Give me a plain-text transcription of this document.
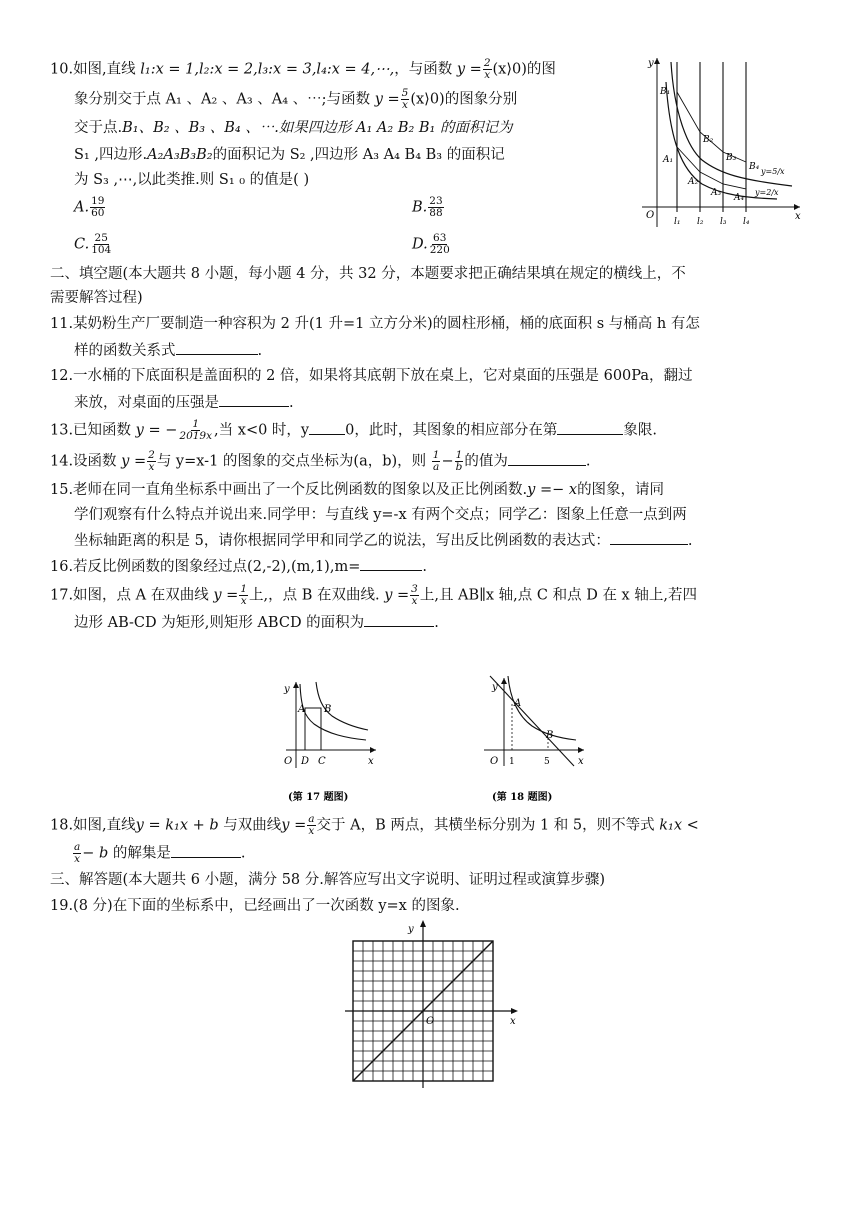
10.如图,直线 l₁:x = 1,l₂:x = 2,l₃:x = 3,l₄:x = 4,⋯,，与函数 $y = \frac{2}{x}$ (x⟩0)的图
象分别交于点 A₁ 、A₂ 、A₃ 、A₄ 、⋯;与函数 $y = \frac{5}{x}$ (x⟩0)的图象分别
交于点.B₁、B₂ 、B₃ 、B₄ 、⋯.如果四边形 A₁ A₂ B₂ B₁ 的面积记为
S₁ ,四边形.A₂A₃B₃B₂的面积记为 S₂ ,四边形 A₃ A₄ B₄ B₃ 的面积记
为 S₃ ,⋯,以此类推.则 S₁ ₀ 的值是( )
A. $\frac{19}{60}$	B. $\frac{23}{88}$
C. $\frac{25}{104}$	D. $\frac{63}{220}$
y
x
O
l₁ l₂ l₃ l₄
B₁
B₂
B₃
B₄
A₁
A₂
A₃ A₄
y=5/x
y=2/x
二、填空题(本大题共 8 小题，每小题 4 分，共 32 分，本题要求把正确结果填在规定的横线上，不
需要解答过程)
11.某奶粉生产厂要制造一种容积为 2 升(1 升=1 立方分米)的圆柱形桶，桶的底面积 s 与桶高 h 有怎
样的函数关系式	.
12.一水桶的下底面积是盖面积的 2 倍，如果将其底朝下放在桌上，它对桌面的压强是 600Pa，翻过
来放，对桌面的压强是	.
13.已知函数 y = − $\frac{1}{2019x}$ ,当 x<0 时，y 0，此时，其图象的相应部分在第	象限.
14.设函数 $y = \frac{2}{x}$ 与 y=x-1 的图象的交点坐标为(a，b)，则 $\frac{1}{a} - \frac{1}{b}$ 的值为	.
15.老师在同一直角坐标系中画出了一个反比例函数的图象以及正比例函数.y =− x的图象，请同
学们观察有什么特点并说出来.同学甲：与直线 y=-x 有两个交点；同学乙：图象上任意一点到两
坐标轴距离的积是 5，请你根据同学甲和同学乙的说法，写出反比例函数的表达式：	.
16.若反比例函数的图象经过点(2,-2),(m,1),m=	.
17.如图，点 A 在双曲线 $y = \frac{1}{x}$ 上,，点 B 在双曲线. $y = \frac{3}{x}$ 上,且 AB∥x 轴,点 C 和点 D 在 x 轴上,若四
边形 AB-CD 为矩形,则矩形 ABCD 的面积为	.
y
x
O
A B
D C
(第 17 题图)
y
x
O
A
B
1	5
(第 18 题图)
18.如图,直线y = k₁x + b 与双曲线$y = \frac{a}{x}$ 交于 A，B 两点，其横坐标分别为 1 和 5，则不等式 k₁x <
$\frac{a}{x} - b$ 的解集是	.
三、解答题(本大题共 6 小题，满分 58 分.解答应写出文字说明、证明过程或演算步骤)
19.(8 分)在下面的坐标系中，已经画出了一次函数 y=x 的图象.
y
x
O
